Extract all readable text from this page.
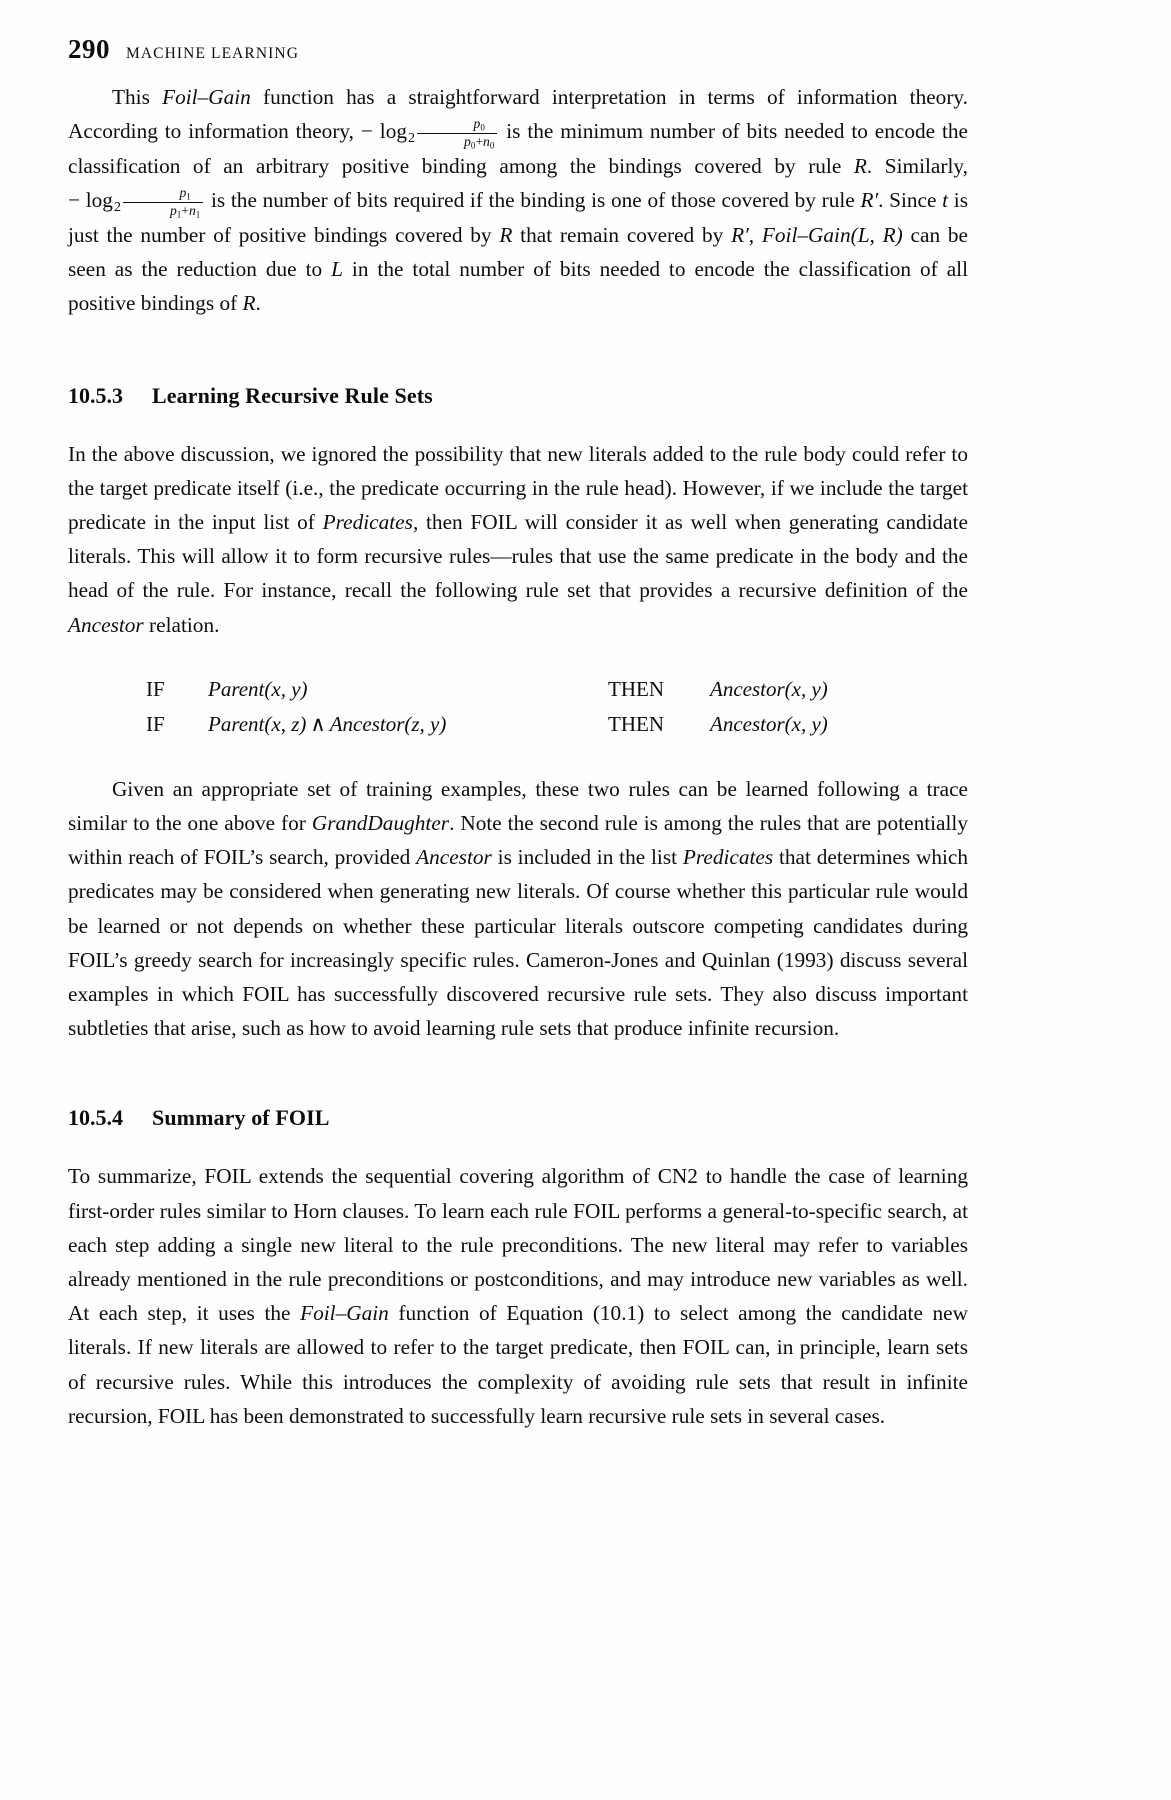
290 MACHINE LEARNING

This Foil–Gain function has a straightforward interpretation in terms of information theory. According to information theory, − $\log_2 \frac{p_0}{p_0+n_0}$ is the minimum number of bits needed to encode the classification of an arbitrary positive binding among the bindings covered by rule R. Similarly, − $\log_2 \frac{p_1}{p_1+n_1}$ is the number of bits required if the binding is one of those covered by rule R′. Since t is just the number of positive bindings covered by R that remain covered by R′, Foil–Gain(L, R) can be seen as the reduction due to L in the total number of bits needed to encode the classification of all positive bindings of R.

10.5.3	Learning Recursive Rule Sets

In the above discussion, we ignored the possibility that new literals added to the rule body could refer to the target predicate itself (i.e., the predicate occurring in the rule head). However, if we include the target predicate in the input list of Predicates, then FOIL will consider it as well when generating candidate literals. This will allow it to form recursive rules—rules that use the same predicate in the body and the head of the rule. For instance, recall the following rule set that provides a recursive definition of the Ancestor relation.

IF	Parent(x, y)	THEN	Ancestor(x, y)
IF	Parent(x, z) ∧ Ancestor(z, y)	THEN	Ancestor(x, y)

Given an appropriate set of training examples, these two rules can be learned following a trace similar to the one above for GrandDaughter. Note the second rule is among the rules that are potentially within reach of FOIL’s search, provided Ancestor is included in the list Predicates that determines which predicates may be considered when generating new literals. Of course whether this particular rule would be learned or not depends on whether these particular literals outscore competing candidates during FOIL’s greedy search for increasingly specific rules. Cameron-Jones and Quinlan (1993) discuss several examples in which FOIL has successfully discovered recursive rule sets. They also discuss important subtleties that arise, such as how to avoid learning rule sets that produce infinite recursion.

10.5.4	Summary of FOIL

To summarize, FOIL extends the sequential covering algorithm of CN2 to handle the case of learning first-order rules similar to Horn clauses. To learn each rule FOIL performs a general-to-specific search, at each step adding a single new literal to the rule preconditions. The new literal may refer to variables already mentioned in the rule preconditions or postconditions, and may introduce new variables as well. At each step, it uses the Foil–Gain function of Equation (10.1) to select among the candidate new literals. If new literals are allowed to refer to the target predicate, then FOIL can, in principle, learn sets of recursive rules. While this introduces the complexity of avoiding rule sets that result in infinite recursion, FOIL has been demonstrated to successfully learn recursive rule sets in several cases.
